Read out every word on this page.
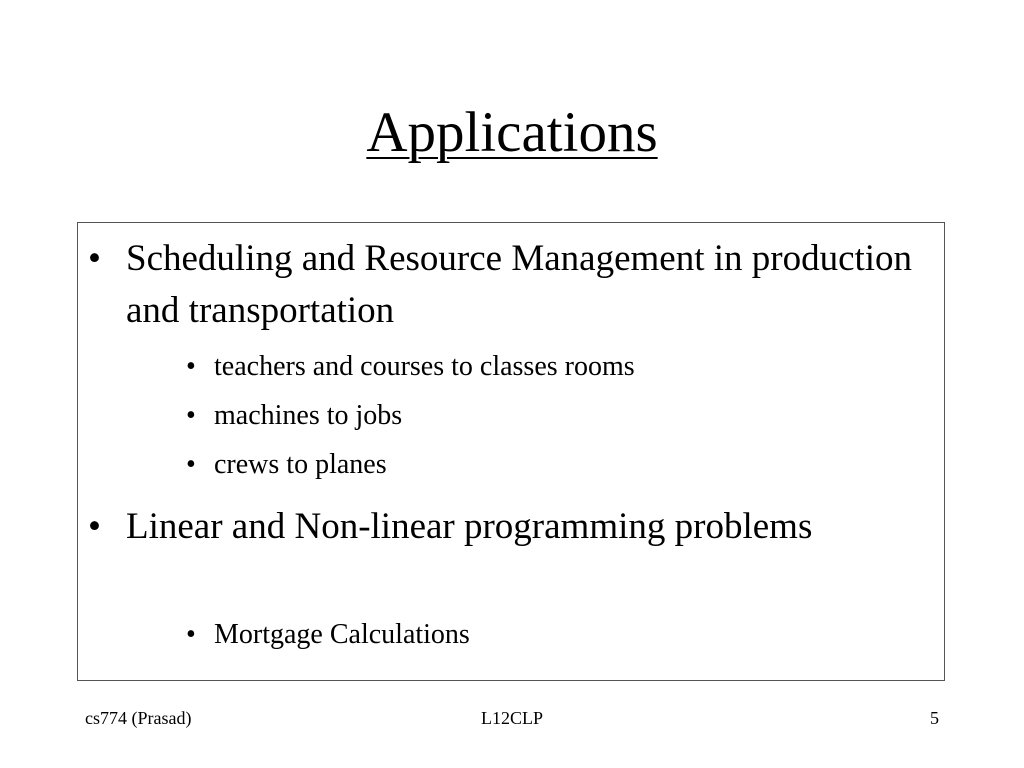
Applications
• Scheduling and Resource Management in production and transportation
• teachers and courses to classes rooms
• machines to jobs
• crews to planes
• Linear and Non-linear programming problems
• Mortgage Calculations
cs774 (Prasad)	L12CLP	5
